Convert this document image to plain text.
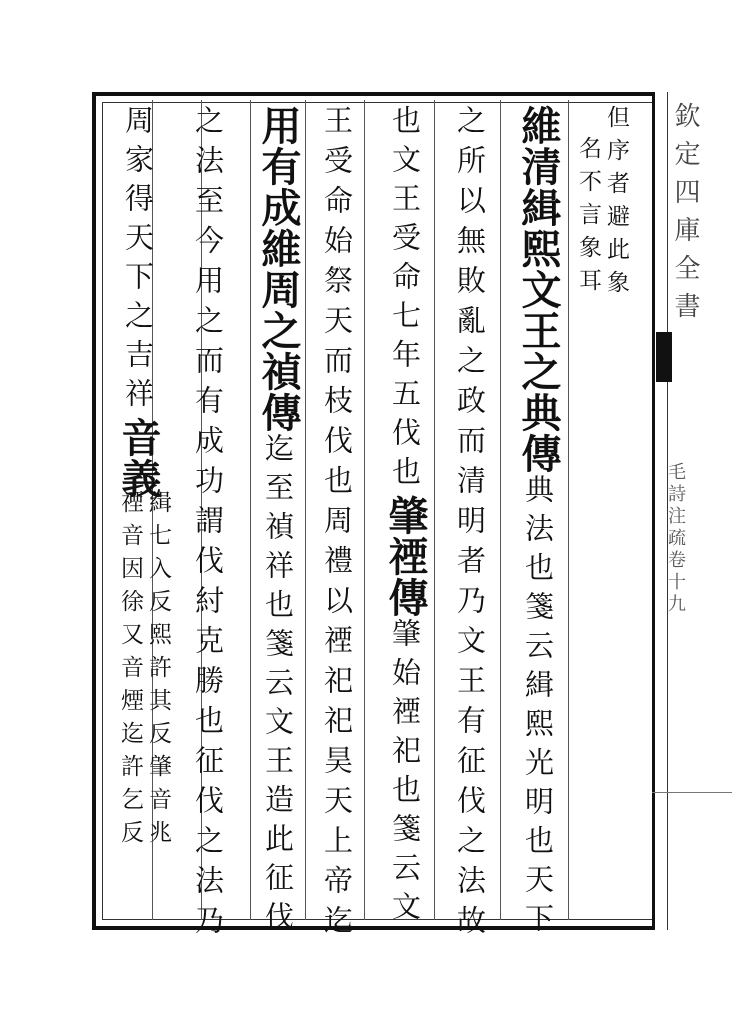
但序者避此象
名不言象耳
維清緝熙文王之典傳典法也箋云緝熙光明也天下
之所以無敗亂之政而清明者乃文王有征伐之法故
也文王受命七年五伐也肇禋傳肇始禋祀也箋云文
王受命始祭天而枝伐也周禮以禋祀祀昊天上帝迄
用有成維周之禎傳迄至禎祥也箋云文王造此征伐
之法至今用之而有成功謂伐紂克勝也征伐之法乃
周家得天下之吉祥音義
緝七入反熙許其反肇音兆
禋音因徐又音煙迄許乞反
欽定四庫全書
毛詩注疏卷十九
